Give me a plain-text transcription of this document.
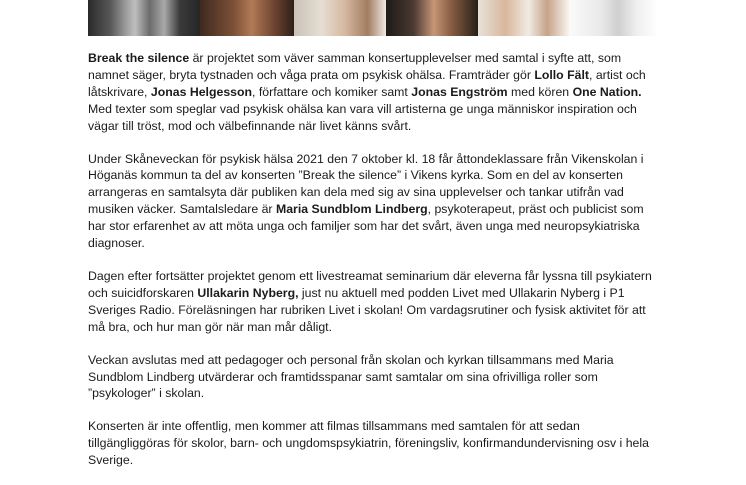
Break the silence är projektet som väver samman konsertupplevelser med samtal i syfte att, som namnet säger, bryta tystnaden och våga prata om psykisk ohälsa. Framträder gör Lollo Fält, artist och låtskrivare, Jonas Helgesson, författare och komiker samt Jonas Engström med kören One Nation. Med texter som speglar vad psykisk ohälsa kan vara vill artisterna ge unga människor inspiration och vägar till tröst, mod och välbefinnande när livet känns svårt.

Under Skåneveckan för psykisk hälsa 2021 den 7 oktober kl. 18 får åttondeklassare från Vikenskolan i Höganäs kommun ta del av konserten ”Break the silence” i Vikens kyrka. Som en del av konserten arrangeras en samtalsyta där publiken kan dela med sig av sina upplevelser och tankar utifrån vad musiken väcker. Samtalsledare är Maria Sundblom Lindberg, psykoterapeut, präst och publicist som har stor erfarenhet av att möta unga och familjer som har det svårt, även unga med neuropsykiatriska diagnoser.

Dagen efter fortsätter projektet genom ett livestreamat seminarium där eleverna får lyssna till psykiatern och suicidforskaren Ullakarin Nyberg, just nu aktuell med podden Livet med Ullakarin Nyberg i P1 Sveriges Radio. Föreläsningen har rubriken Livet i skolan! Om vardagsrutiner och fysisk aktivitet för att må bra, och hur man gör när man mår dåligt.

Veckan avslutas med att pedagoger och personal från skolan och kyrkan tillsammans med Maria Sundblom Lindberg utvärderar och framtidsspanar samt samtalar om sina ofrivilliga roller som ”psykologer” i skolan.

Konserten är inte offentlig, men kommer att filmas tillsammans med samtalen för att sedan tillgängliggöras för skolor, barn- och ungdomspsykiatrin, föreningsliv, konfirmandundervisning osv i hela Sverige.
